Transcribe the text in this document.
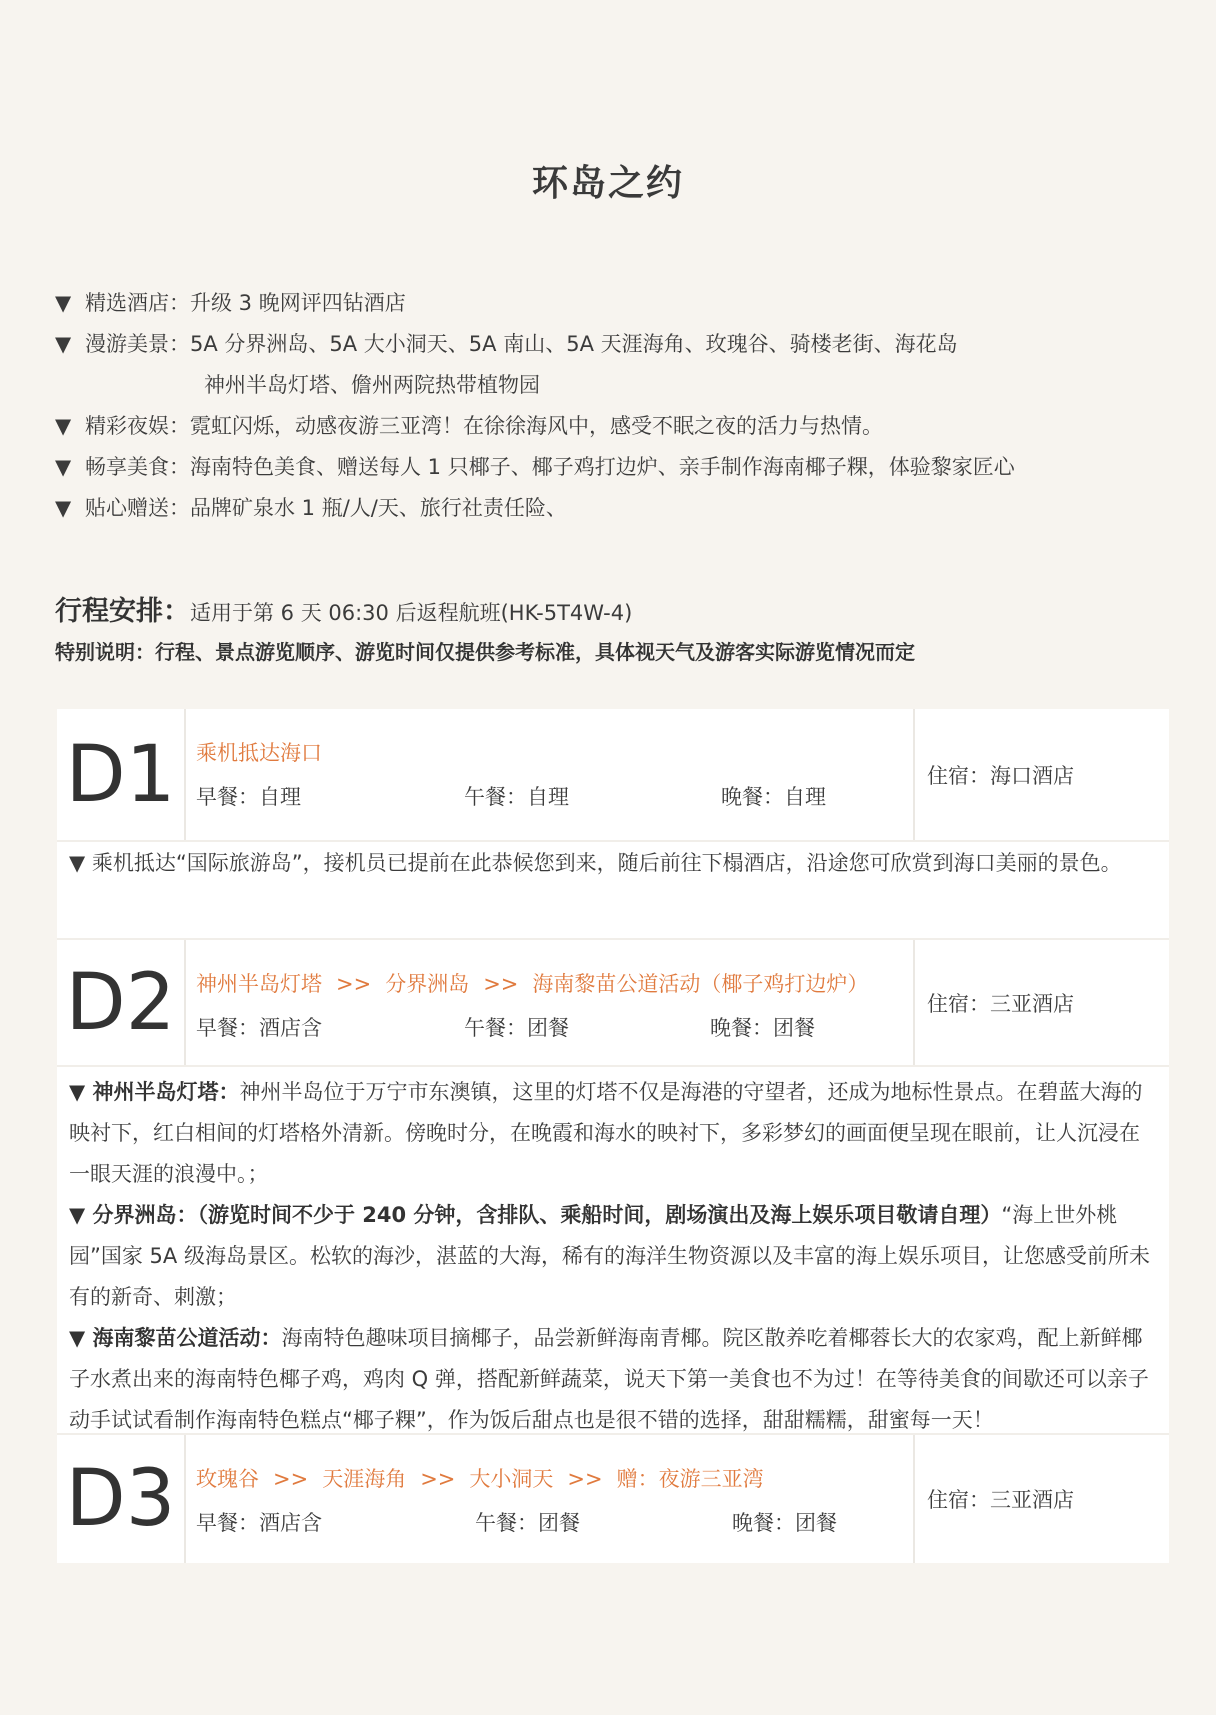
环岛之约
▼ 精选酒店： 升级 3 晚网评四钻酒店
▼ 漫游美景： 5A 分界洲岛、5A 大小洞天、5A 南山、5A 天涯海角、玫瑰谷、骑楼老街、海花岛
神州半岛灯塔、儋州两院热带植物园
▼ 精彩夜娱： 霓虹闪烁，动感夜游三亚湾！在徐徐海风中，感受不眠之夜的活力与热情。
▼ 畅享美食： 海南特色美食、赠送每人 1 只椰子、椰子鸡打边炉、亲手制作海南椰子粿，体验黎家匠心
▼ 贴心赠送： 品牌矿泉水 1 瓶/人/天、旅行社责任险、
行程安排：适用于第 6 天 06:30 后返程航班(HK-5T4W-4)
特别说明：行程、景点游览顺序、游览时间仅提供参考标准，具体视天气及游客实际游览情况而定
D1 乘机抵达海口
早餐：自理	午餐：自理	晚餐：自理
住宿：海口酒店
▼ 乘机抵达“国际旅游岛”，接机员已提前在此恭候您到来，随后前往下榻酒店，沿途您可欣赏到海口美丽的景色。
D2 神州半岛灯塔 >> 分界洲岛 >> 海南黎苗公道活动（椰子鸡打边炉）
早餐：酒店含	午餐：团餐	晚餐：团餐
住宿：三亚酒店
▼ 神州半岛灯塔：神州半岛位于万宁市东澳镇，这里的灯塔不仅是海港的守望者，还成为地标性景点。在碧蓝大海的映衬下，红白相间的灯塔格外清新。傍晚时分，在晚霞和海水的映衬下，多彩梦幻的画面便呈现在眼前，让人沉浸在一眼天涯的浪漫中。；
▼ 分界洲岛：（游览时间不少于 240 分钟，含排队、乘船时间，剧场演出及海上娱乐项目敬请自理）“海上世外桃园”国家 5A 级海岛景区。松软的海沙，湛蓝的大海，稀有的海洋生物资源以及丰富的海上娱乐项目，让您感受前所未有的新奇、刺激；
▼ 海南黎苗公道活动：海南特色趣味项目摘椰子，品尝新鲜海南青椰。院区散养吃着椰蓉长大的农家鸡，配上新鲜椰子水煮出来的海南特色椰子鸡，鸡肉 Q 弹，搭配新鲜蔬菜，说天下第一美食也不为过！在等待美食的间歇还可以亲子动手试试看制作海南特色糕点“椰子粿”，作为饭后甜点也是很不错的选择，甜甜糯糯，甜蜜每一天！
D3 玫瑰谷 >> 天涯海角 >> 大小洞天 >> 赠：夜游三亚湾
早餐：酒店含	午餐：团餐	晚餐：团餐
住宿：三亚酒店
